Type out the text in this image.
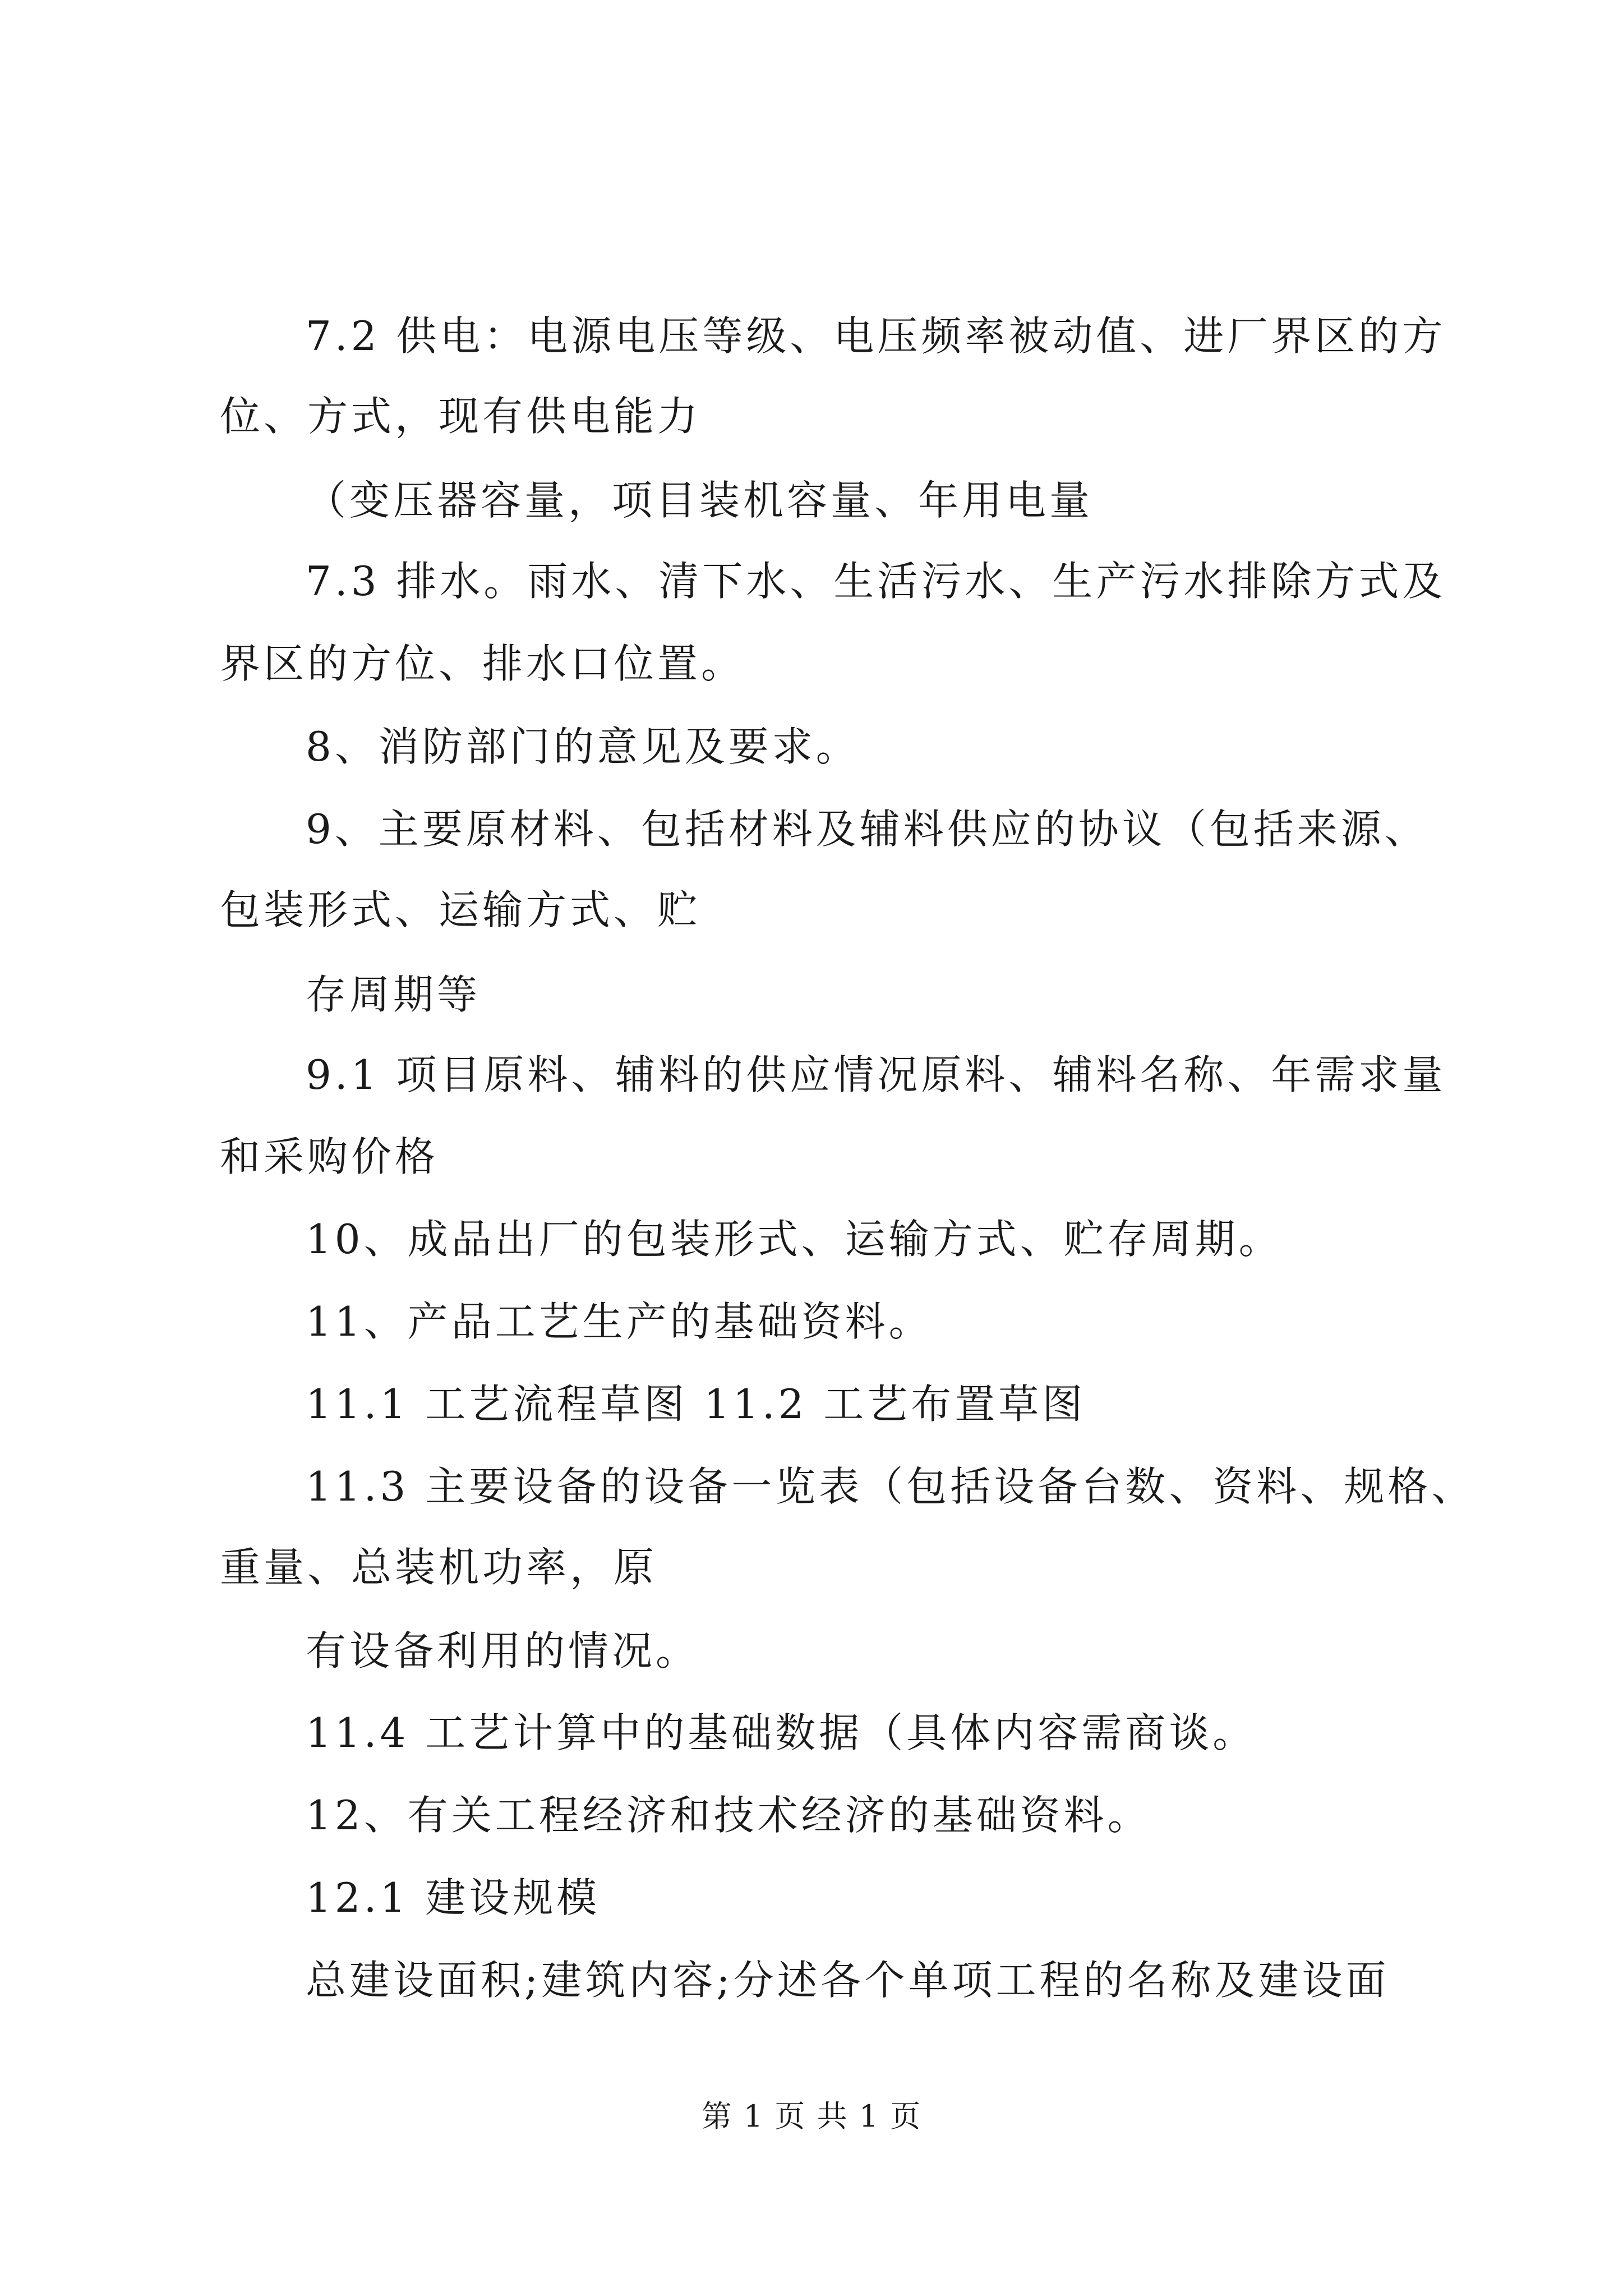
7.2 供电：电源电压等级、电压频率被动值、进厂界区的方
位、方式，现有供电能力
（变压器容量，项目装机容量、年用电量
7.3 排水。雨水、清下水、生活污水、生产污水排除方式及
界区的方位、排水口位置。
8、消防部门的意见及要求。
9、主要原材料、包括材料及辅料供应的协议（包括来源、
包装形式、运输方式、贮
存周期等
9.1 项目原料、辅料的供应情况原料、辅料名称、年需求量
和采购价格
10、成品出厂的包装形式、运输方式、贮存周期。
11、产品工艺生产的基础资料。
11.1 工艺流程草图 11.2 工艺布置草图
11.3 主要设备的设备一览表（包括设备台数、资料、规格、
重量、总装机功率，原
有设备利用的情况。
11.4 工艺计算中的基础数据（具体内容需商谈。
12、有关工程经济和技术经济的基础资料。
12.1 建设规模
总建设面积;建筑内容;分述各个单项工程的名称及建设面
第 1 页 共 1 页
